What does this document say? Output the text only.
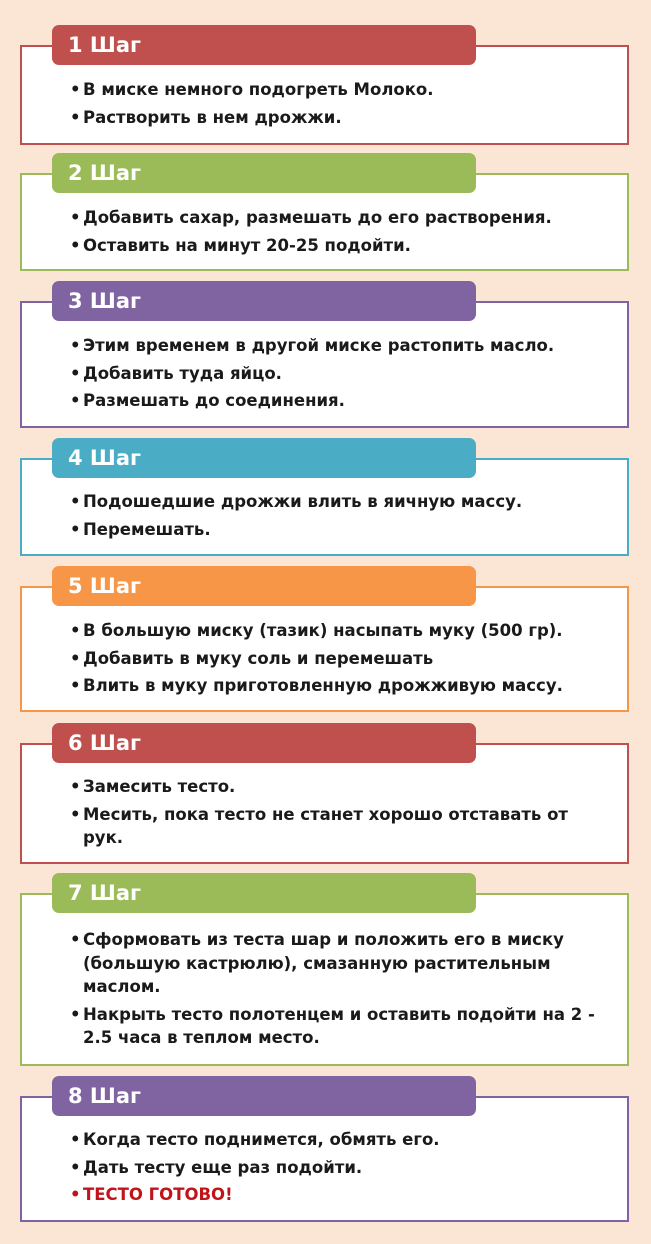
1 Шаг
• В миске немного подогреть Молоко.
• Растворить в нем дрожжи.
2 Шаг
• Добавить сахар, размешать до его растворения.
• Оставить на минут 20-25 подойти.
3 Шаг
• Этим временем в другой миске растопить масло.
• Добавить туда яйцо.
• Размешать до соединения.
4 Шаг
• Подошедшие дрожжи влить в яичную массу.
• Перемешать.
5 Шаг
• В большую миску (тазик) насыпать муку (500 гр).
• Добавить в муку соль и перемешать
• Влить в муку приготовленную дрожживую массу.
6 Шаг
• Замесить тесто.
• Месить, пока тесто не станет хорошо отставать от рук.
7 Шаг
• Сформовать из теста шар и положить его в миску (большую кастрюлю), смазанную растительным маслом.
• Накрыть тесто полотенцем и оставить подойти на 2 - 2.5 часа в теплом место.
8 Шаг
• Когда тесто поднимется, обмять его.
• Дать тесту еще раз подойти.
• ТЕСТО ГОТОВО!
